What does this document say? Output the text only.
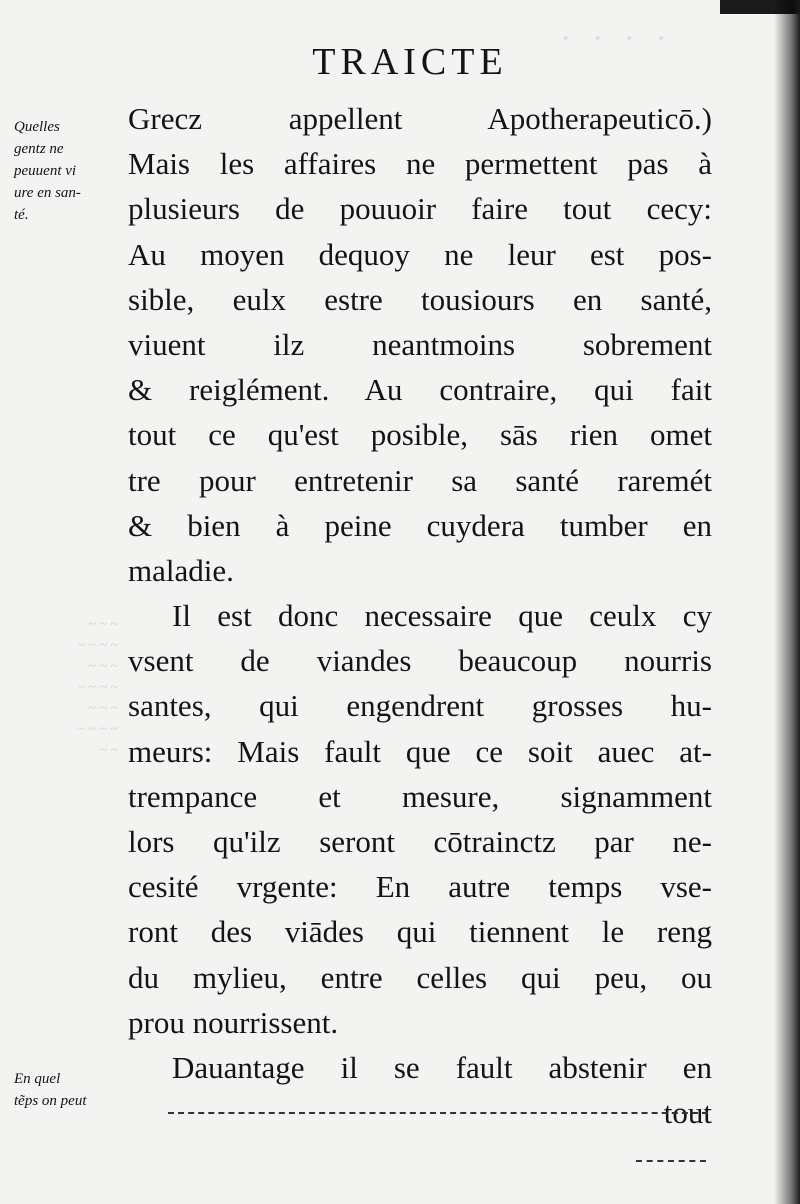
· · · ·
~ ~ ~
~ ~ ~ ~
~ ~ ~
~ ~ ~ ~
~ ~ ~
~ ~ ~ ~
~ ~
TRAICTE
Quelles
gentz ne
peuuent vi
ure en san-
té.
En quel
tẽps on peut
Grecz appellent Apotherapeuticō.)
Mais les affaires ne permettent pas à
plusieurs de pouuoir faire tout cecy:
Au moyen dequoy ne leur est pos-
sible, eulx estre tousiours en santé,
viuent ilz neantmoins sobrement
& reiglément. Au contraire, qui fait
tout ce qu'est posible, sās rien omet
tre pour entretenir sa santé raremét
& bien à peine cuydera tumber en
maladie.
Il est donc necessaire que ceulx cy
vsent de viandes beaucoup nourris
santes, qui engendrent grosses hu-
meurs: Mais fault que ce soit auec at-
trempance et mesure, signamment
lors qu'ilz seront cōtrainctz par ne-
cesité vrgente: En autre temps vse-
ront des viādes qui tiennent le reng
du mylieu, entre celles qui peu, ou
prou nourrissent.
Dauantage il se fault abstenir en
tout
